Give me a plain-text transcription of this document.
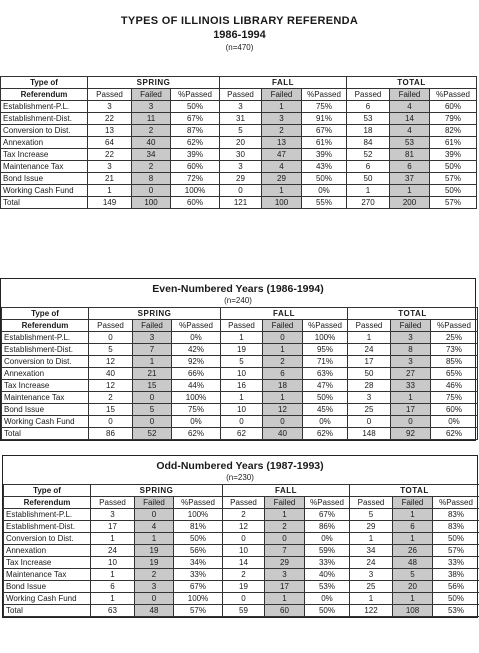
TYPES OF ILLINOIS LIBRARY REFERENDA
1986-1994
(n=470)
Type of	SPRING			FALL			TOTAL		
Referendum	Passed	Failed	%Passed	Passed	Failed	%Passed	Passed	Failed	%Passed
Establishment-P.L.	3	3	50%	3	1	75%	6	4	60%
Establishment-Dist.	22	11	67%	31	3	91%	53	14	79%
Conversion to Dist.	13	2	87%	5	2	67%	18	4	82%
Annexation	64	40	62%	20	13	61%	84	53	61%
Tax Increase	22	34	39%	30	47	39%	52	81	39%
Maintenance Tax	3	2	60%	3	4	43%	6	6	50%
Bond Issue	21	8	72%	29	29	50%	50	37	57%
Working Cash Fund	1	0	100%	0	1	0%	1	1	50%
Total	149	100	60%	121	100	55%	270	200	57%
Even-Numbered Years (1986-1994)
(n=240)
Type of	SPRING			FALL			TOTAL		
Referendum	Passed	Failed	%Passed	Passed	Failed	%Passed	Passed	Failed	%Passed
Establishment-P.L.	0	3	0%	1	0	100%	1	3	25%
Establishment-Dist.	5	7	42%	19	1	95%	24	8	73%
Conversion to Dist.	12	1	92%	5	2	71%	17	3	85%
Annexation	40	21	66%	10	6	63%	50	27	65%
Tax Increase	12	15	44%	16	18	47%	28	33	46%
Maintenance Tax	2	0	100%	1	1	50%	3	1	75%
Bond Issue	15	5	75%	10	12	45%	25	17	60%
Working Cash Fund	0	0	0%	0	0	0%	0	0	0%
Total	86	52	62%	62	40	62%	148	92	62%
Odd-Numbered Years (1987-1993)
(n=230)
Type of	SPRING			FALL			TOTAL		
Referendum	Passed	Failed	%Passed	Passed	Failed	%Passed	Passed	Failed	%Passed
Establishment-P.L.	3	0	100%	2	1	67%	5	1	83%
Establishment-Dist.	17	4	81%	12	2	86%	29	6	83%
Conversion to Dist.	1	1	50%	0	0	0%	1	1	50%
Annexation	24	19	56%	10	7	59%	34	26	57%
Tax Increase	10	19	34%	14	29	33%	24	48	33%
Maintenance Tax	1	2	33%	2	3	40%	3	5	38%
Bond Issue	6	3	67%	19	17	53%	25	20	56%
Working Cash Fund	1	0	100%	0	1	0%	1	1	50%
Total	63	48	57%	59	60	50%	122	108	53%
